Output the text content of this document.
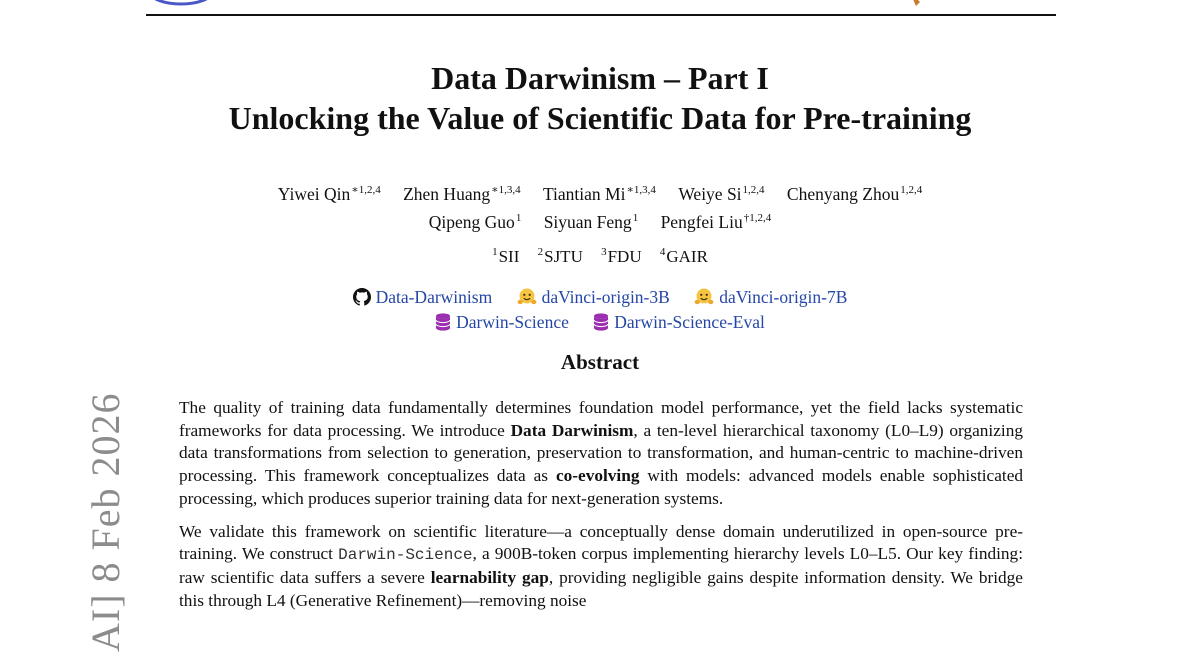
AI] 8 Feb 2026

Data Darwinism – Part I

Unlocking the Value of Scientific Data for Pre-training

Yiwei Qin$^{∗1,2,4}$ Zhen Huang$^{∗1,3,4}$ Tiantian $Mi^{∗1,3,4}$ Weiye Si$^{1,2,4}$ Chenyang Zhou$^{1,2,4}$
Qipeng Guo$^1$ Siyuan Feng$^1$ Pengfei Liu$^{\dagger 1,2,4}$
$^1$SII $^2$SJTU $^3$FDU $^4$GAIR
Data-Darwinism
	daVinci-origin-3B
	daVinci-origin-7B
Darwin-Science
	Darwin-Science-Eval
Abstract

The quality of training data fundamentally determines foundation model performance, yet the field lacks systematic frameworks for data processing. We introduce Data Darwinism, a ten-level hierarchical taxonomy (L0–L9) organizing data transformations from selection to generation, preservation to transformation, and human-centric to machine-driven processing. This framework conceptualizes data as co-evolving with models: advanced models enable sophisticated processing, which produces superior training data for next-generation systems.

We validate this framework on scientific literature—a conceptually dense domain underutilized in open-source pre-training. We construct Darwin-Science, a 900B-token corpus implementing hierarchy levels L0–L5. Our key finding: raw scientific data suffers a severe learnability gap, providing negligible gains despite information density. We bridge this through L4 (Generative Refinement)—removing noise
